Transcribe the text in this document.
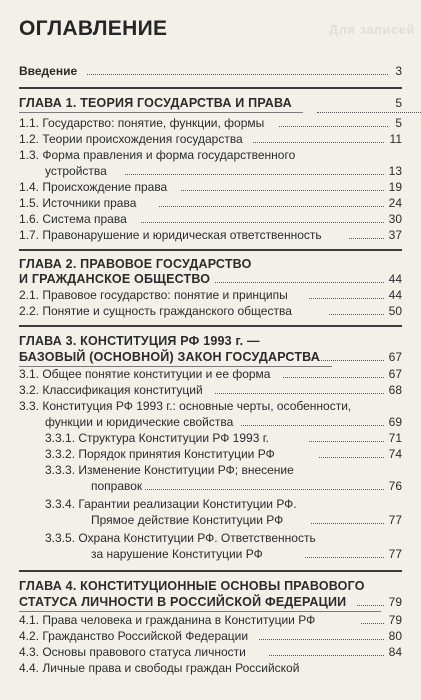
Для записей
ОГЛАВЛЕНИЕ
Введение	3
ГЛАВА 1. ТЕОРИЯ ГОСУДАРСТВА И ПРАВА	5
1.1. Государство: понятие, функции, формы	5
1.2. Теории происхождения государства	11
1.3. Форма правления и форма государственного
устройства	13
1.4. Происхождение права	19
1.5. Источники права	24
1.6. Система права	30
1.7. Правонарушение и юридическая ответственность	37
ГЛАВА 2. ПРАВОВОЕ ГОСУДАРСТВО
И ГРАЖДАНСКОЕ ОБЩЕСТВО	44
2.1. Правовое государство: понятие и принципы	44
2.2. Понятие и сущность гражданского общества	50
ГЛАВА 3. КОНСТИТУЦИЯ РФ 1993 г. —
БАЗОВЫЙ (ОСНОВНОЙ) ЗАКОН ГОСУДАРСТВА	67
3.1. Общее понятие конституции и ее форма	67
3.2. Классификация конституций	68
3.3. Конституция РФ 1993 г.: основные черты, особенности,
функции и юридические свойства	69
3.3.1. Структура Конституции РФ 1993 г.	71
3.3.2. Порядок принятия Конституции РФ	74
3.3.3. Изменение Конституции РФ; внесение
поправок	76
3.3.4. Гарантии реализации Конституции РФ.
Прямое действие Конституции РФ	77
3.3.5. Охрана Конституции РФ. Ответственность
за нарушение Конституции РФ	77
ГЛАВА 4. КОНСТИТУЦИОННЫЕ ОСНОВЫ ПРАВОВОГО
СТАТУСА ЛИЧНОСТИ В РОССИЙСКОЙ ФЕДЕРАЦИИ	79
4.1. Права человека и гражданина в Конституции РФ	79
4.2. Гражданство Российской Федерации	80
4.3. Основы правового статуса личности	84
4.4. Личные права и свободы граждан Российской
